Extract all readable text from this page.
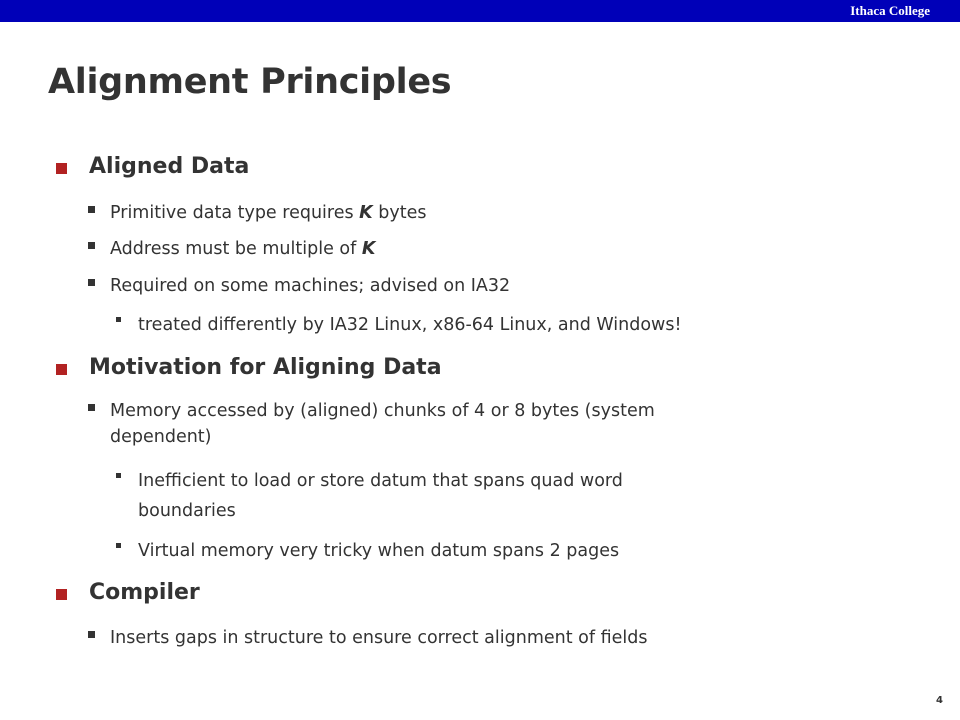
Ithaca College
Alignment Principles
Aligned Data
Primitive data type requires K bytes
Address must be multiple of K
Required on some machines; advised on IA32
treated differently by IA32 Linux, x86-64 Linux, and Windows!
Motivation for Aligning Data
Memory accessed by (aligned) chunks of 4 or 8 bytes (system
dependent)
Inefficient to load or store datum that spans quad word
boundaries
Virtual memory very tricky when datum spans 2 pages
Compiler
Inserts gaps in structure to ensure correct alignment of fields
4
